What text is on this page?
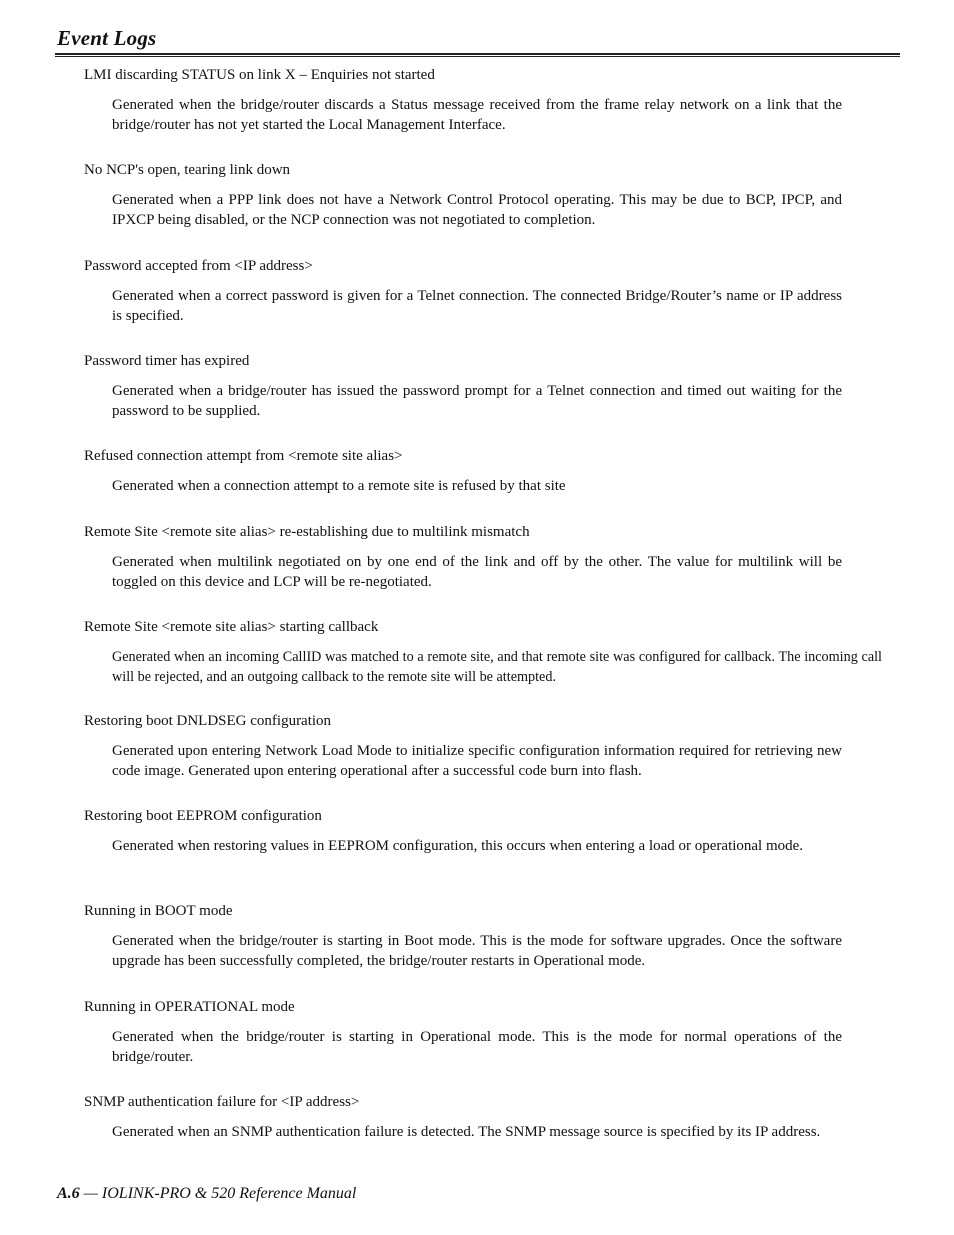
Event Logs
LMI discarding STATUS on link X – Enquiries not started
Generated when the bridge/router discards a Status message received from the frame relay network on a link that the bridge/router has not yet started the Local Management Interface.
No NCP's open, tearing link down
Generated when a PPP link does not have a Network Control Protocol operating. This may be due to BCP, IPCP, and IPXCP being disabled, or the NCP connection was not negotiated to completion.
Password accepted from <IP address>
Generated when a correct password is given for a Telnet connection. The connected Bridge/Router’s name or IP address is specified.
Password timer has expired
Generated when a bridge/router has issued the password prompt for a Telnet connection and timed out waiting for the password to be supplied.
Refused connection attempt from <remote site alias>
Generated when a connection attempt to a remote site is refused by that site
Remote Site <remote site alias> re-establishing due to multilink mismatch
Generated when multilink negotiated on by one end of the link and off by the other. The value for multilink will be toggled on this device and LCP will be re-negotiated.
Remote Site <remote site alias> starting callback
Generated when an incoming CallID was matched to a remote site, and that remote site was configured for callback. The incoming call will be rejected, and an outgoing callback to the remote site will be attempted.
Restoring boot DNLDSEG configuration
Generated upon entering Network Load Mode to initialize specific configuration information required for retrieving new code image. Generated upon entering operational after a successful code burn into flash.
Restoring boot EEPROM configuration
Generated when restoring values in EEPROM configuration, this occurs when entering a load or operational mode.
Running in BOOT mode
Generated when the bridge/router is starting in Boot mode. This is the mode for software upgrades. Once the software upgrade has been successfully completed, the bridge/router restarts in Operational mode.
Running in OPERATIONAL mode
Generated when the bridge/router is starting in Operational mode. This is the mode for normal operations of the bridge/router.
SNMP authentication failure for <IP address>
Generated when an SNMP authentication failure is detected. The SNMP message source is specified by its IP address.
A.6 — IOLINK-PRO & 520 Reference Manual
